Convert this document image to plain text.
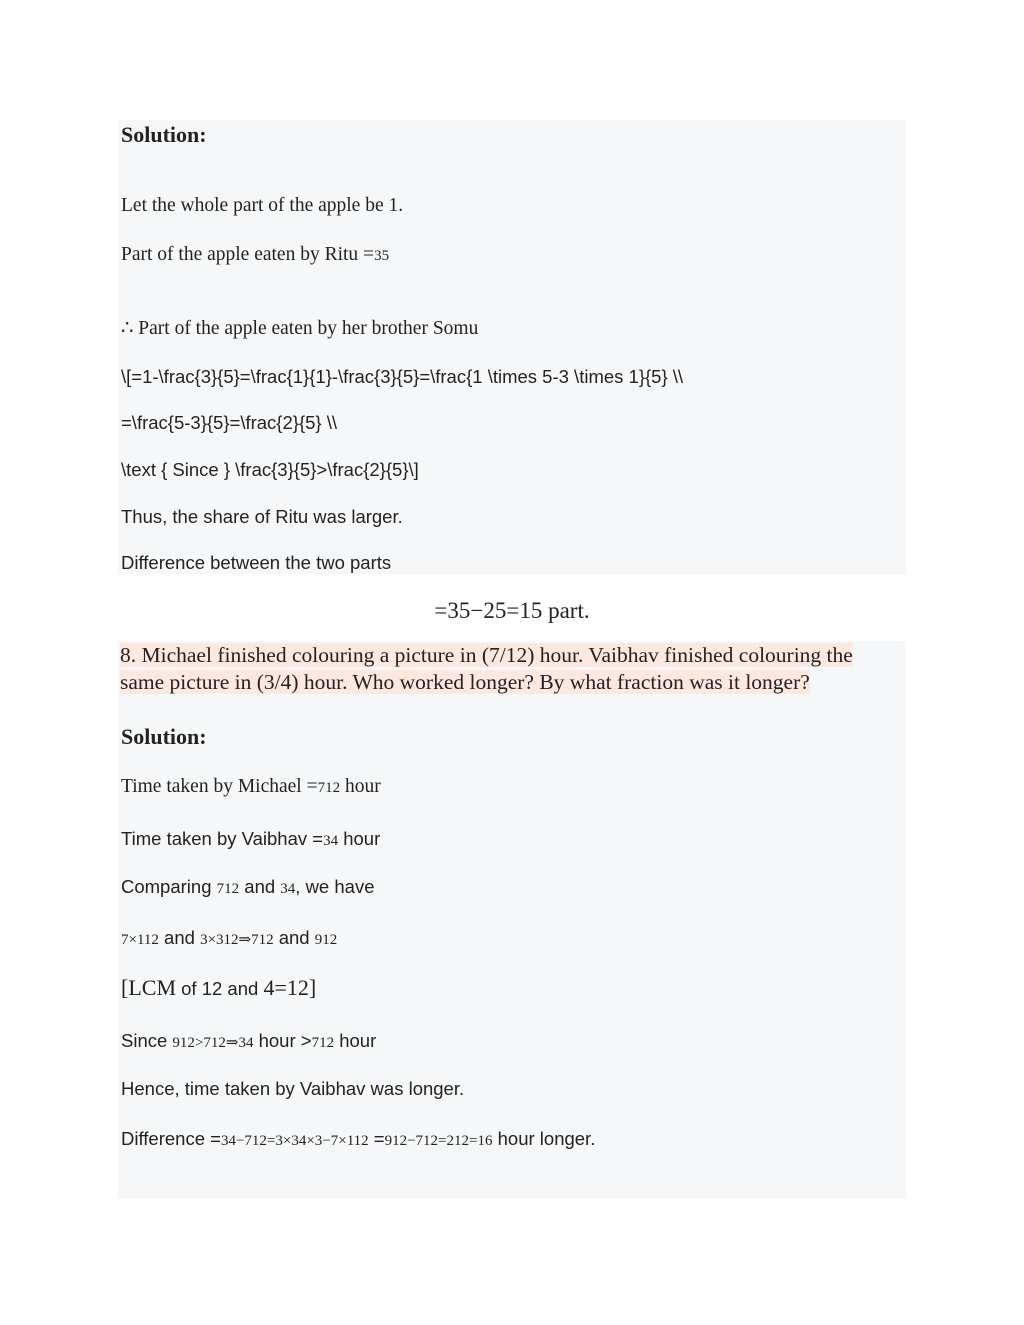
Solution:
Let the whole part of the apple be 1.
Part of the apple eaten by Ritu =35
∴ Part of the apple eaten by her brother Somu
\[=1-\frac{3}{5}=\frac{1}{1}-\frac{3}{5}=\frac{1 \times 5-3 \times 1}{5} \\
=\frac{5-3}{5}=\frac{2}{5} \\
\text { Since } \frac{3}{5}>\frac{2}{5}\]
Thus, the share of Ritu was larger.
Difference between the two parts
=35−25=15 part.
8. Michael finished colouring a picture in (7/12) hour. Vaibhav finished colouring the same picture in (3/4) hour. Who worked longer? By what fraction was it longer?
Solution:
Time taken by Michael =712 hour
Time taken by Vaibhav =34 hour
Comparing 712 and 34, we have
7×112 and 3×312⇒712 and 912
[LCM of 12 and 4=12]
Since 912>712⇒34 hour >712 hour
Hence, time taken by Vaibhav was longer.
Difference =34−712=3×34×3−7×112 =912−712=212=16 hour longer.
